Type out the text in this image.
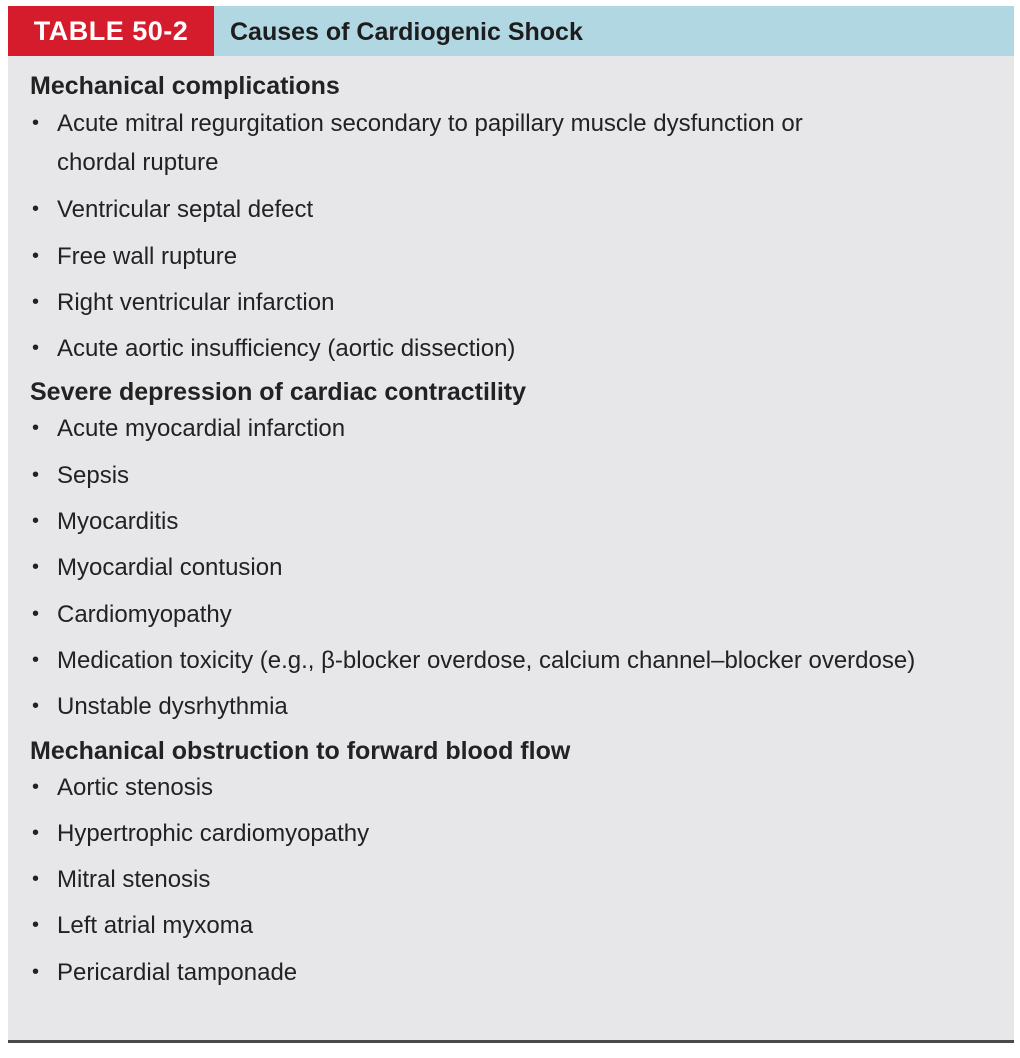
TABLE 50-2	Causes of Cardiogenic Shock

Mechanical complications

• Acute mitral regurgitation secondary to papillary muscle dysfunction or chordal rupture
• Ventricular septal defect
• Free wall rupture
• Right ventricular infarction
• Acute aortic insufficiency (aortic dissection)

Severe depression of cardiac contractility

• Acute myocardial infarction
• Sepsis
• Myocarditis
• Myocardial contusion
• Cardiomyopathy
• Medication toxicity (e.g., β-blocker overdose, calcium channel–blocker overdose)
• Unstable dysrhythmia

Mechanical obstruction to forward blood flow

• Aortic stenosis
• Hypertrophic cardiomyopathy
• Mitral stenosis
• Left atrial myxoma
• Pericardial tamponade
